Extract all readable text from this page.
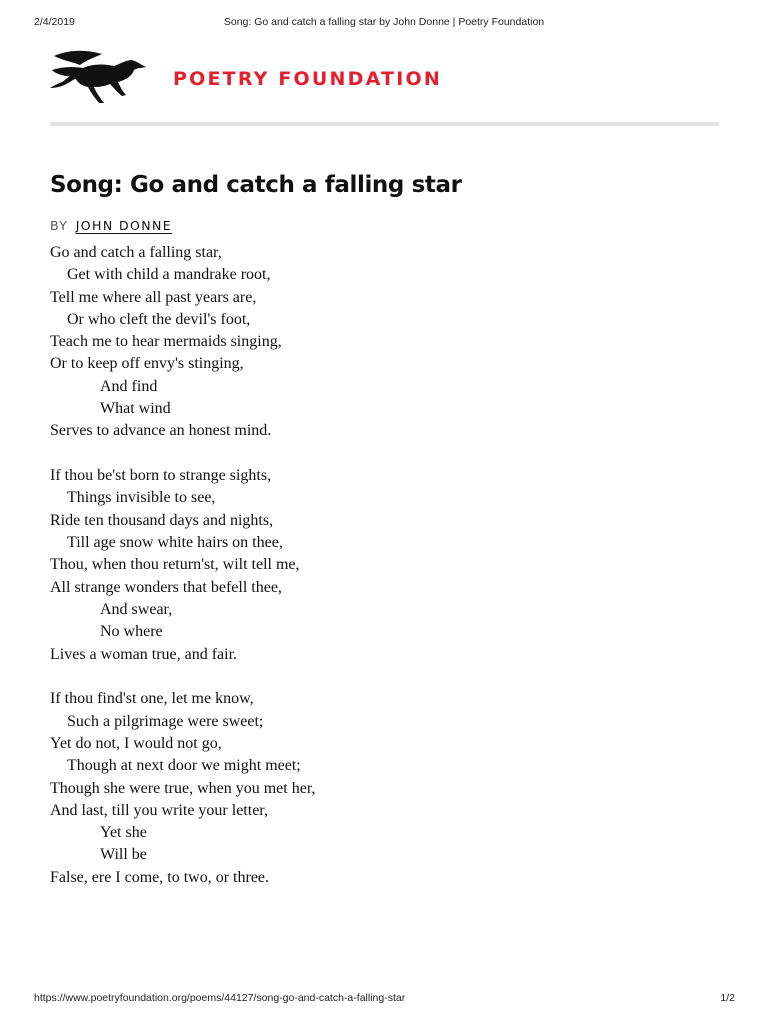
2/4/2019	Song: Go and catch a falling star by John Donne | Poetry Foundation
POETRY FOUNDATION
Song: Go and catch a falling star
BY JOHN DONNE
Go and catch a falling star,
Get with child a mandrake root,
Tell me where all past years are,
Or who cleft the devil's foot,
Teach me to hear mermaids singing,
Or to keep off envy's stinging,
And find
What wind
Serves to advance an honest mind.
If thou be'st born to strange sights,
Things invisible to see,
Ride ten thousand days and nights,
Till age snow white hairs on thee,
Thou, when thou return'st, wilt tell me,
All strange wonders that befell thee,
And swear,
No where
Lives a woman true, and fair.
If thou find'st one, let me know,
Such a pilgrimage were sweet;
Yet do not, I would not go,
Though at next door we might meet;
Though she were true, when you met her,
And last, till you write your letter,
Yet she
Will be
False, ere I come, to two, or three.
https://www.poetryfoundation.org/poems/44127/song-go-and-catch-a-falling-star	1/2
